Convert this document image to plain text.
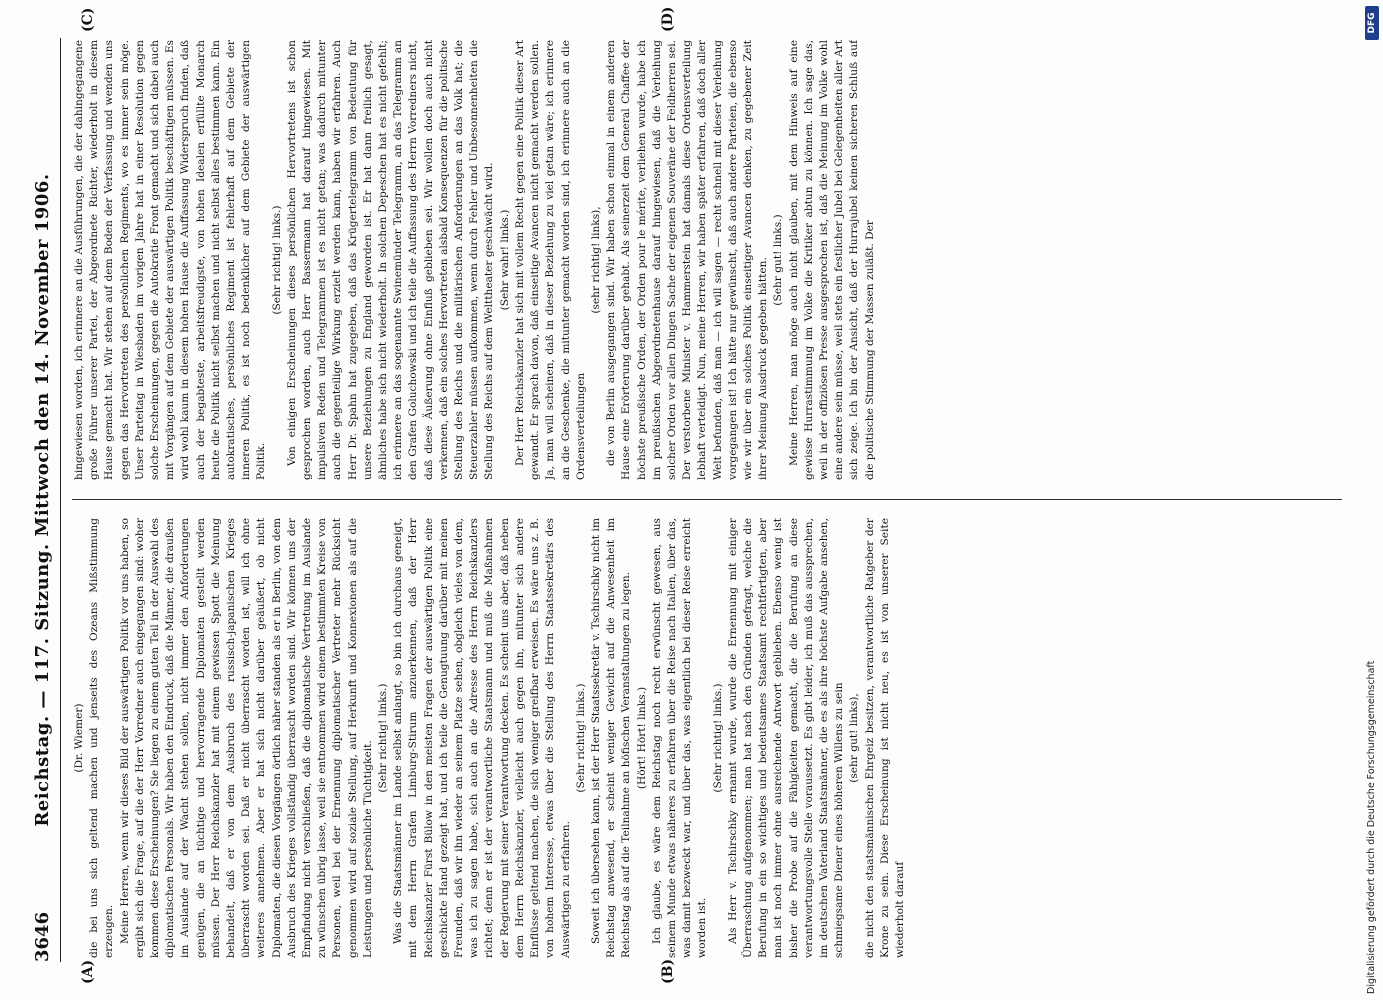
3646
Reichstag. — 117. Sitzung. Mittwoch den 14. November 1906.
(A)	(B)
(C)	(D)

(Dr. Wiemer) die bei uns sich geltend machen und jenseits des Ozeans Mißstimmung erzeugen. Meine Herren, wenn wir dieses Bild der auswärtigen Politik vor uns haben, so ergibt sich die Frage, auf die der Herr Vorredner auch eingegangen sind: woher kommen diese Erscheinungen? Sie liegen zu einem guten Teil in der Auswahl des diplomatischen Personals. Wir haben den Eindruck, daß die Männer, die draußen im Auslande auf der Wacht stehen sollen, nicht immer den Anforderungen genügen, die an tüchtige und hervorragende Diplomaten gestellt werden müssen. Der Herr Reichskanzler hat mit einem gewissen Spott die Meinung behandelt, daß er von dem Ausbruch des russisch-japanischen Krieges überrascht worden sei. Daß er nicht überrascht worden ist, will ich ohne weiteres annehmen. Aber er hat sich nicht darüber geäußert, ob nicht Diplomaten, die diesen Vorgängen örtlich näher standen als er in Berlin, von dem Ausbruch des Krieges vollständig überrascht worden sind. Wir können uns der Empfindung nicht verschließen, daß die diplomatische Vertretung im Auslande zu wünschen übrig lasse, weil sie entnommen wird einem bestimmten Kreise von Personen, weil bei der Ernennung diplomatischer Vertreter mehr Rücksicht genommen wird auf soziale Stellung, auf Herkunft und Konnexionen als auf die Leistungen und persönliche Tüchtigkeit.

(Sehr richtig! links.) Was die Staatsmänner im Lande selbst anlangt, so bin ich durchaus geneigt, mit dem Herrn Grafen Limburg-Stirum anzuerkennen, daß der Herr Reichskanzler Fürst Bülow in den meisten Fragen der auswärtigen Politik eine geschickte Hand gezeigt hat, und ich teile die Genugtuung darüber mit meinen Freunden, daß wir ihn wieder an seinem Platze sehen, obgleich vieles von dem, was ich zu sagen habe, sich auch an die Adresse des Herrn Reichskanzlers richtet; denn er ist der verantwortliche Staatsmann und muß die Maßnahmen der Regierung mit seiner Verantwortung decken. Es scheint uns aber, daß neben dem Herrn Reichskanzler, vielleicht auch gegen ihn, mitunter sich andere Einflüsse geltend machen, die sich weniger greifbar erweisen. Es wäre uns z. B. von hohem Interesse, etwas über die Stellung des Herrn Staatssekretärs des Auswärtigen zu erfahren.

(Sehr richtig! links.) Soweit ich übersehen kann, ist der Herr Staatssekretär v. Tschirschky nicht im Reichstag anwesend, er scheint weniger Gewicht auf die Anwesenheit im Reichstag als auf die Teilnahme an höfischen Veranstaltungen zu legen. (Hört! Hört! links.) Ich glaube, es wäre dem Reichstag noch recht erwünscht gewesen, aus seinem Munde etwas näheres zu erfahren über die Reise nach Italien, über das, was damit bezweckt war, und über das, was eigentlich bei dieser Reise erreicht worden ist.

(Sehr richtig! links.) Als Herr v. Tschirschky ernannt wurde, wurde die Ernennung mit einiger Überraschung aufgenommen; man hat nach den Gründen gefragt, welche die Berufung in ein so wichtiges und bedeutsames Staatsamt rechtfertigten, aber man ist noch immer ohne ausreichende Antwort geblieben. Ebenso wenig ist bisher die Probe auf die Fähigkeiten gemacht, die die Berufung an diese verantwortungsvolle Stelle voraussetzt. Es gibt leider, ich muß das aussprechen, im deutschen Vaterland Staatsmänner, die es als ihre höchste Aufgabe ansehen, schmiegsame Diener eines höheren Willens zu sein (sehr gut! links), die nicht den staatsmännischen Ehrgeiz besitzen, verantwortliche Ratgeber der Krone zu sein. Diese Erscheinung ist nicht neu, es ist von unserer Seite wiederholt darauf

hingewiesen worden, ich erinnere an die Ausführungen, die der dahingegangene große Führer unserer Partei, der Abgeordnete Richter, wiederholt in diesem Hause gemacht hat. Wir stehen auf dem Boden der Verfassung und wenden uns gegen das Hervortreten des persönlichen Regiments, wo es immer sein möge. Unser Parteitag in Wiesbaden im vorigen Jahre hat in einer Resolution gegen solche Erscheinungen, gegen die Autokratie Front gemacht und sich dabei auch mit Vorgängen auf dem Gebiete der auswärtigen Politik beschäftigen müssen. Es wird wohl kaum in diesem hohen Hause die Auffassung Widerspruch finden, daß auch der begabteste, arbeitsfreudigste, von hohen Idealen erfüllte Monarch heute die Politik nicht selbst machen und nicht selbst alles bestimmen kann. Ein autokratisches, persönliches Regiment ist fehlerhaft auf dem Gebiete der inneren Politik, es ist noch bedenklicher auf dem Gebiete der auswärtigen Politik.

(Sehr richtig! links.) Von einigen Erscheinungen dieses persönlichen Hervortretens ist schon gesprochen worden, auch Herr Bassermann hat darauf hingewiesen. Mit impulsiven Reden und Telegrammen ist es nicht getan; was dadurch mitunter auch die gegenteilige Wirkung erzielt werden kann, haben wir erfahren. Auch Herr Dr. Spahn hat zugegeben, daß das Krügertelegramm von Bedeutung für unsere Beziehungen zu England geworden ist. Er hat dann freilich gesagt, ähnliches habe sich nicht wiederholt. In solchen Depeschen hat es nicht gefehlt; ich erinnere an das sogenannte Swinemünder Telegramm, an das Telegramm an den Grafen Goluchowski und ich teile die Auffassung des Herrn Vorredners nicht, daß diese Äußerung ohne Einfluß geblieben sei. Wir wollen doch auch nicht verkennen, daß ein solches Hervortreten alsbald Konsequenzen für die politische Stellung des Reichs und die militärischen Anforderungen an das Volk hat; die Steuerzahler müssen aufkommen, wenn durch Fehler und Unbesonnenheiten die Stellung des Reichs auf dem Welttheater geschwächt wird. (Sehr wahr! links.) Der Herr Reichskanzler hat sich mit vollem Recht gegen eine Politik dieser Art gewandt. Er sprach davon, daß einseitige Avancen nicht gemacht werden sollen. Ja, man will scheinen, daß in dieser Beziehung zu viel getan wäre; ich erinnere an die Geschenke, die mitunter gemacht worden sind, ich erinnere auch an die Ordensverteilungen

(sehr richtig! links), die von Berlin ausgegangen sind. Wir haben schon einmal in einem anderen Hause eine Erörterung darüber gehabt. Als seinerzeit dem General Chaffee der höchste preußische Orden, der Orden pour le mérite, verliehen wurde, habe ich im preußischen Abgeordnetenhause darauf hingewiesen, daß die Verleihung solcher Orden vor allen Dingen Sache der eigenen Souveräne der Feldherren sei. Der verstorbene Minister v. Hammerstein hat damals diese Ordensverteilung lebhaft verteidigt. Nun, meine Herren, wir haben später erfahren, daß doch aller Welt befunden, daß man — ich will sagen — recht schnell mit dieser Verleihung vorgegangen ist! Ich hätte nur gewünscht, daß auch andere Parteien, die ebenso wie wir über ein solches Politik einseitiger Avancen denken, zu gegebener Zeit ihrer Meinung Ausdruck gegeben hätten. (Sehr gut! links.) Meine Herren, man möge auch nicht glauben, mit dem Hinweis auf eine gewisse Hurrastimmung im Volke die Kritiker abtun zu können. Ich sage das, weil in der offiziösen Presse ausgesprochen ist, daß die Meinung im Volke wohl eine andere sein müsse, weil stets ein festlicher Jubel bei Gelegenheiten aller Art sich zeige. Ich bin der Ansicht, daß der Hurrajubel keinen sicheren Schluß auf die politische Stimmung der Massen zuläßt. Der

Digitalisierung gefördert durch die Deutsche Forschungsgemeinschaft
DFG
